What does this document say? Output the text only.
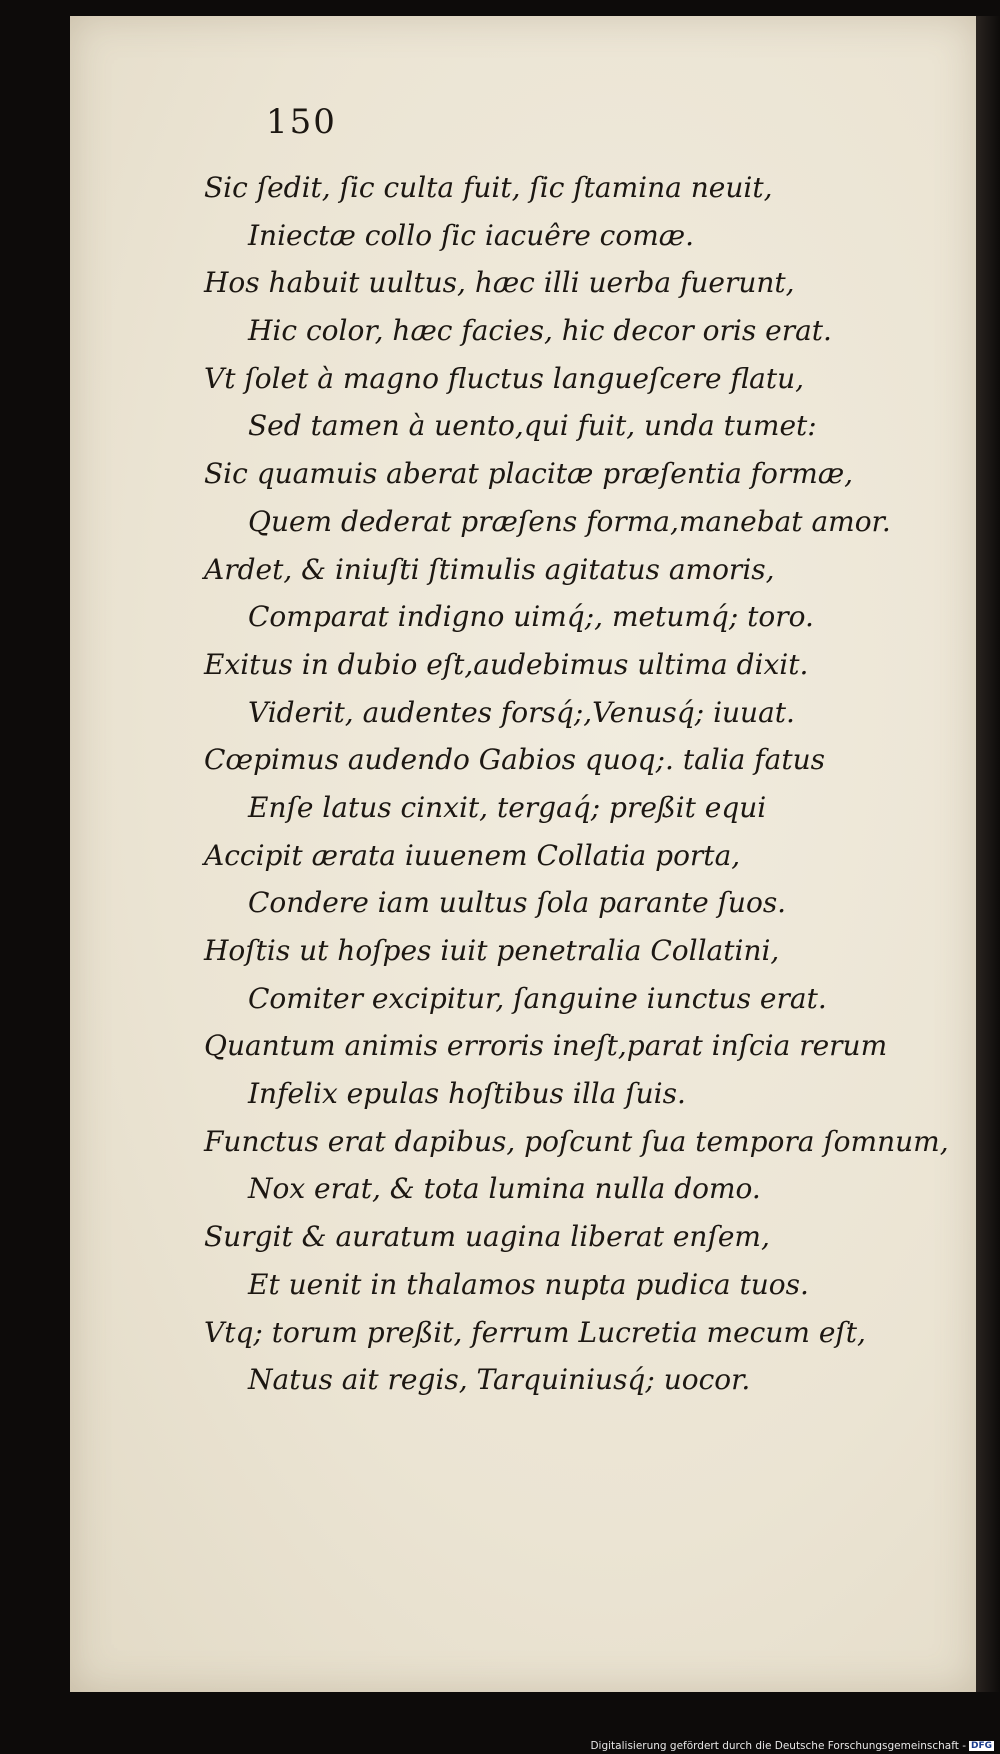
150

Sic ſedit, ſic culta fuit, ſic ſtamina neuit,
Iniectæ collo ſic iacuêre comæ.
Hos habuit uultus, hæc illi uerba fuerunt,
Hic color, hæc facies, hic decor oris erat.
Vt ſolet à magno fluctus langueſcere flatu,
Sed tamen à uento,qui fuit, unda tumet:
Sic quamuis aberat placitæ præſentia formæ,
Quem dederat præſens forma,manebat amor.
Ardet, & iniuſti ſtimulis agitatus amoris,
Comparat indigno uimq́;, metumq́; toro.
Exitus in dubio eſt,audebimus ultima dixit.
Viderit, audentes forsq́;,Venusq́; iuuat.
Cœpimus audendo Gabios quoq;. talia fatus
Enſe latus cinxit, tergaq́; preßit equi
Accipit ærata iuuenem Collatia porta,
Condere iam uultus ſola parante ſuos.
Hoſtis ut hoſpes iuit penetralia Collatini,
Comiter excipitur, ſanguine iunctus erat.
Quantum animis erroris ineſt,parat inſcia rerum
Infelix epulas hoſtibus illa ſuis.
Functus erat dapibus, poſcunt ſua tempora ſomnum,
Nox erat, & tota lumina nulla domo.
Surgit & auratum uagina liberat enſem,
Et uenit in thalamos nupta pudica tuos.
Vtq; torum preßit, ferrum Lucretia mecum eſt,
Natus ait regis, Tarquiniusq́; uocor.
Digitalisierung gefördert durch die Deutsche Forschungsgemeinschaft - DFG
